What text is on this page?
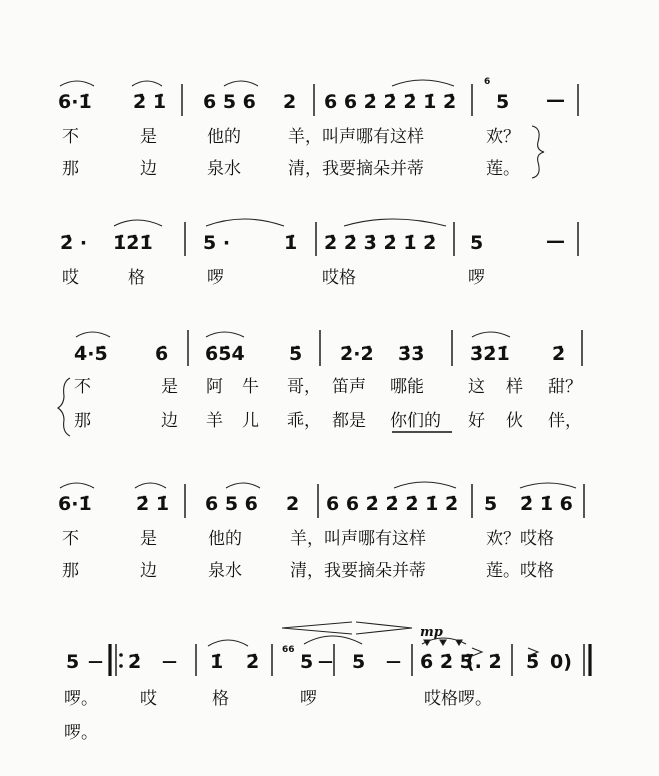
6·1̇ 2̇ 1̇ 6 5 6 2 6 6 2̇ 2̇ 2̇ 1̇ 2̇
6
5 —
不	是	他的	羊，叫声哪有这样	欢？
那	边	泉水	清，我要摘朵并蒂	莲。
2̇ · 1̇2̇1̇	5 ·	1̇ 2̇ 2̇ 3̇ 2̇ 1̇ 2̇ 5	—
哎	格	啰	哎格	啰
4̇·5̇ 6̇ 6̇5̇4̇ 5̇ 2̇·2̇ 3̇3̇ 3̇2̇1̇ 2̇
不	是 阿 牛 哥， 笛声 哪能	这 样 甜？
那	边 羊 儿 乖， 都是 你们的 好 伙 伴，
6·1̇ 2̇ 1̇ 6 5 6 2 6 6 2̇ 2̇ 2̇ 1̇ 2̇ 5 2̇ 1̇ 6
不	是	他的	羊，叫声哪有这样	欢？哎格
那	边	泉水	清，我要摘朵并蒂	莲。哎格
5 — 2̇ — 1̇ 2̇
66
5 — 5 —
mp
6̇ 2̇ 5̇
(. 2̇ 5̇ 0)
啰。 哎	格	啰	哎格啰。
啰。
